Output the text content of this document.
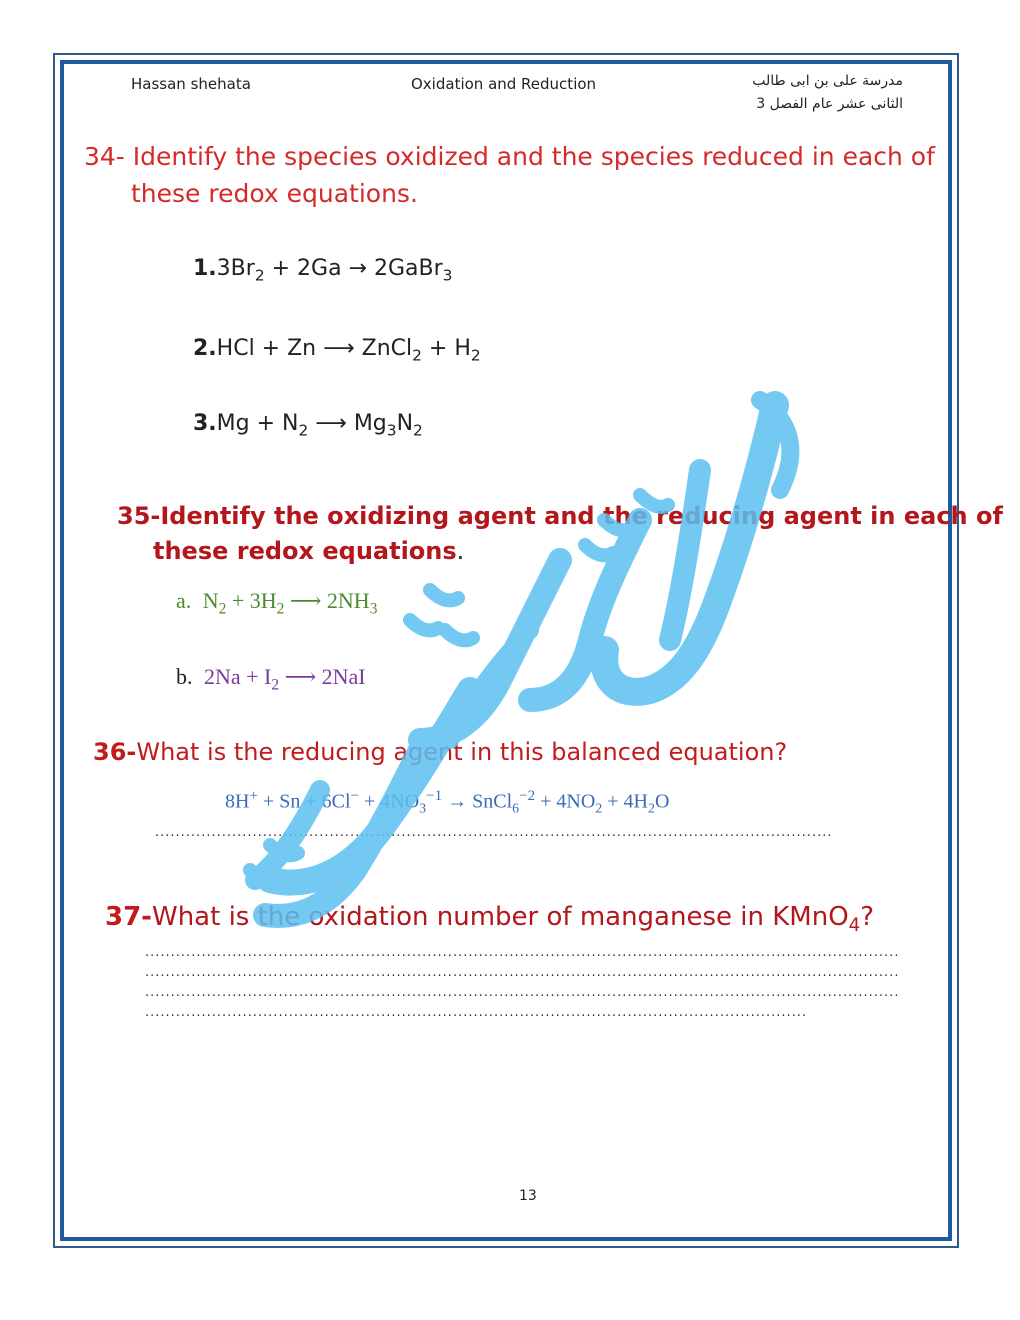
Hassan shehata	Oxidation and Reduction	مدرسة على بن ابى طالب
الثانى عشر عام الفصل 3
34- Identify the species oxidized and the species reduced in each of
these redox equations.
$1.3Br_2 + 2Ga$ → 2GaBr$_3$
2.HCl + Zn ⟶ ZnCl$_2$ + $H_2$
$3.Mg + N_2$ ⟶ $Mg_3N_2$
35-Identify the oxidizing agent and the reducing agent in each of
these redox equations.
a. $N_2 + 3H_2$ ⟶ $2NH_3$
b. $2Na + I_2$ ⟶ 2NaI
36-What is the reducing agent in this balanced equation?
$8H^+ + Sn + 6Cl^- + 4NO_3^{-1}$ → SnCl$_6^{-2}$ + $4NO_2 + 4H_2O$
....................................................................................................................................
37-What is the oxidation number of manganese in KMnO$_4$?
...................................................................................................................................................
...................................................................................................................................................
...................................................................................................................................................
.................................................................................................................................
13
